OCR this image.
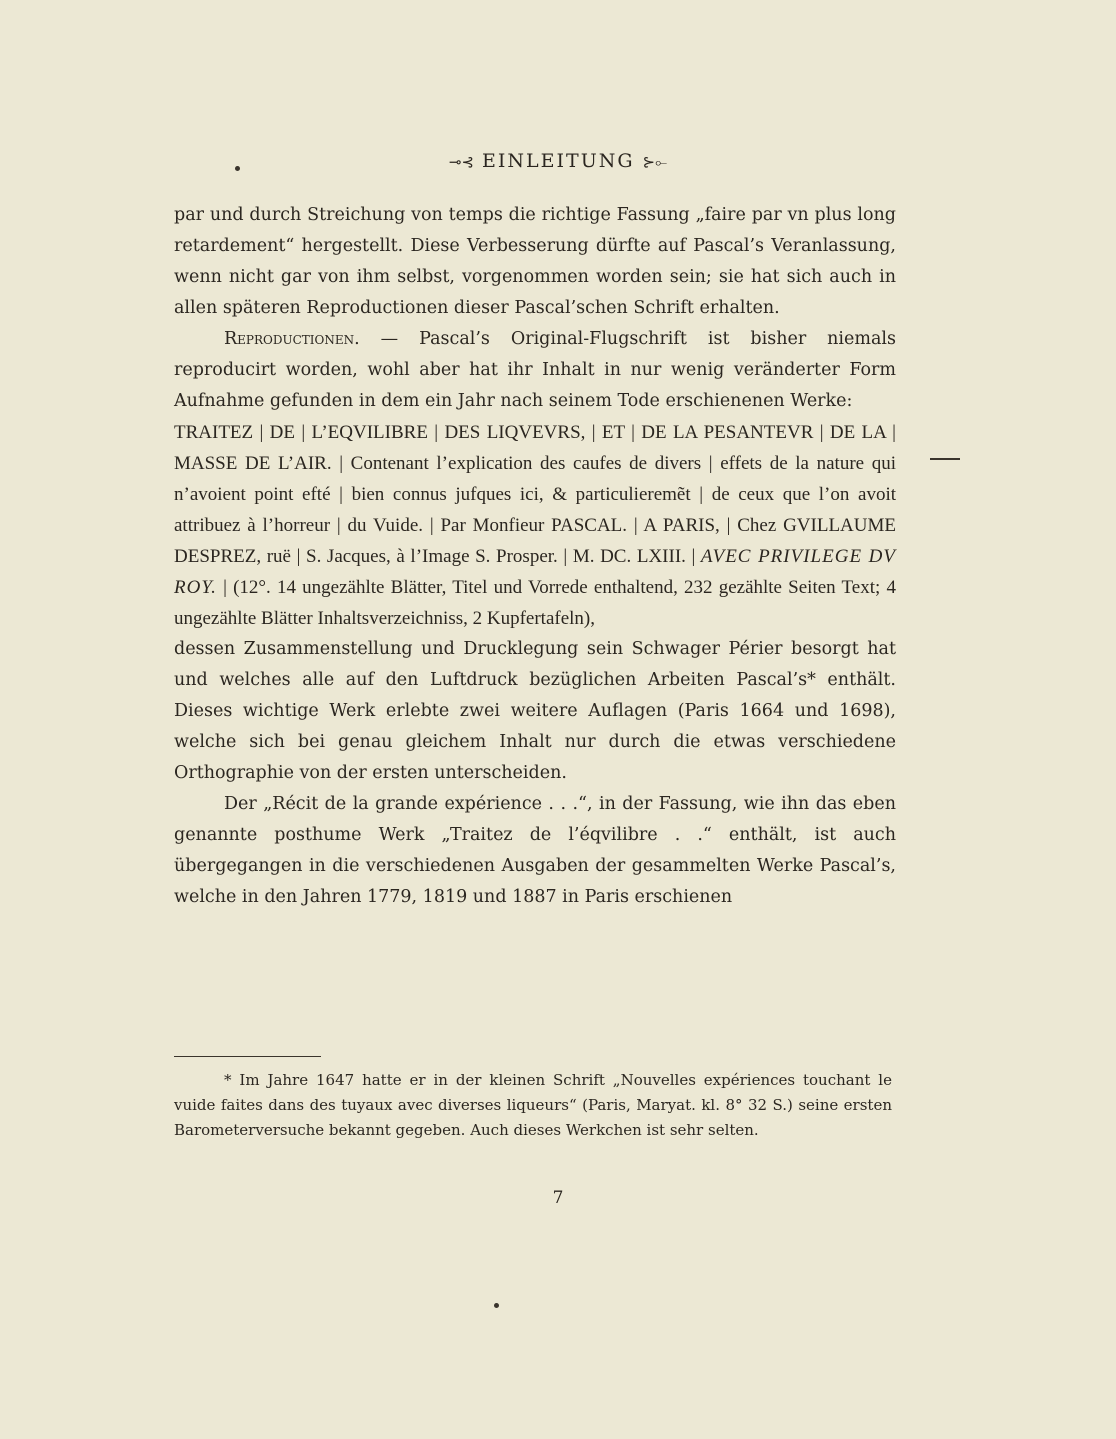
⊸⊰ EINLEITUNG ⊱⟜

par und durch Streichung von temps die richtige Fassung „faire par vn plus long retardement“ hergestellt. Diese Verbesserung dürfte auf Pascal’s Veranlassung, wenn nicht gar von ihm selbst, vorgenommen worden sein; sie hat sich auch in allen späteren Reproductionen dieser Pascal’schen Schrift erhalten.

Reproductionen. — Pascal’s Original-Flugschrift ist bisher niemals reproducirt worden, wohl aber hat ihr Inhalt in nur wenig veränderter Form Aufnahme gefunden in dem ein Jahr nach seinem Tode erschienenen Werke:

TRAITEZ | DE | L’EQVILIBRE | DES LIQVEVRS, | ET | DE LA PESANTEVR | DE LA | MASSE DE L’AIR. | Contenant l’explication des caufes de divers | effets de la nature qui n’avoient point efté | bien connus jufques ici, & particulieremẽt | de ceux que l’on avoit attribuez à l’horreur | du Vuide. | Par Monfieur PASCAL. | A PARIS, | Chez GVILLAUME DESPREZ, ruë | S. Jacques, à l’Image S. Prosper. | M. DC. LXIII. | AVEC PRIVILEGE DV ROY. | (12°. 14 ungezählte Blätter, Titel und Vorrede enthaltend, 232 gezählte Seiten Text; 4 ungezählte Blätter Inhaltsverzeichniss, 2 Kupfertafeln),

dessen Zusammenstellung und Drucklegung sein Schwager Périer besorgt hat und welches alle auf den Luftdruck bezüglichen Arbeiten Pascal’s* enthält. Dieses wichtige Werk erlebte zwei weitere Auflagen (Paris 1664 und 1698), welche sich bei genau gleichem Inhalt nur durch die etwas verschiedene Orthographie von der ersten unterscheiden.

Der „Récit de la grande expérience . . .“, in der Fassung, wie ihn das eben genannte posthume Werk „Traitez de l’éqvilibre . .“ enthält, ist auch übergegangen in die verschiedenen Ausgaben der gesammelten Werke Pascal’s, welche in den Jahren 1779, 1819 und 1887 in Paris erschienen

* Im Jahre 1647 hatte er in der kleinen Schrift „Nouvelles expériences touchant le vuide faites dans des tuyaux avec diverses liqueurs“ (Paris, Maryat. kl. 8° 32 S.) seine ersten Barometerversuche bekannt gegeben. Auch dieses Werkchen ist sehr selten.

7
